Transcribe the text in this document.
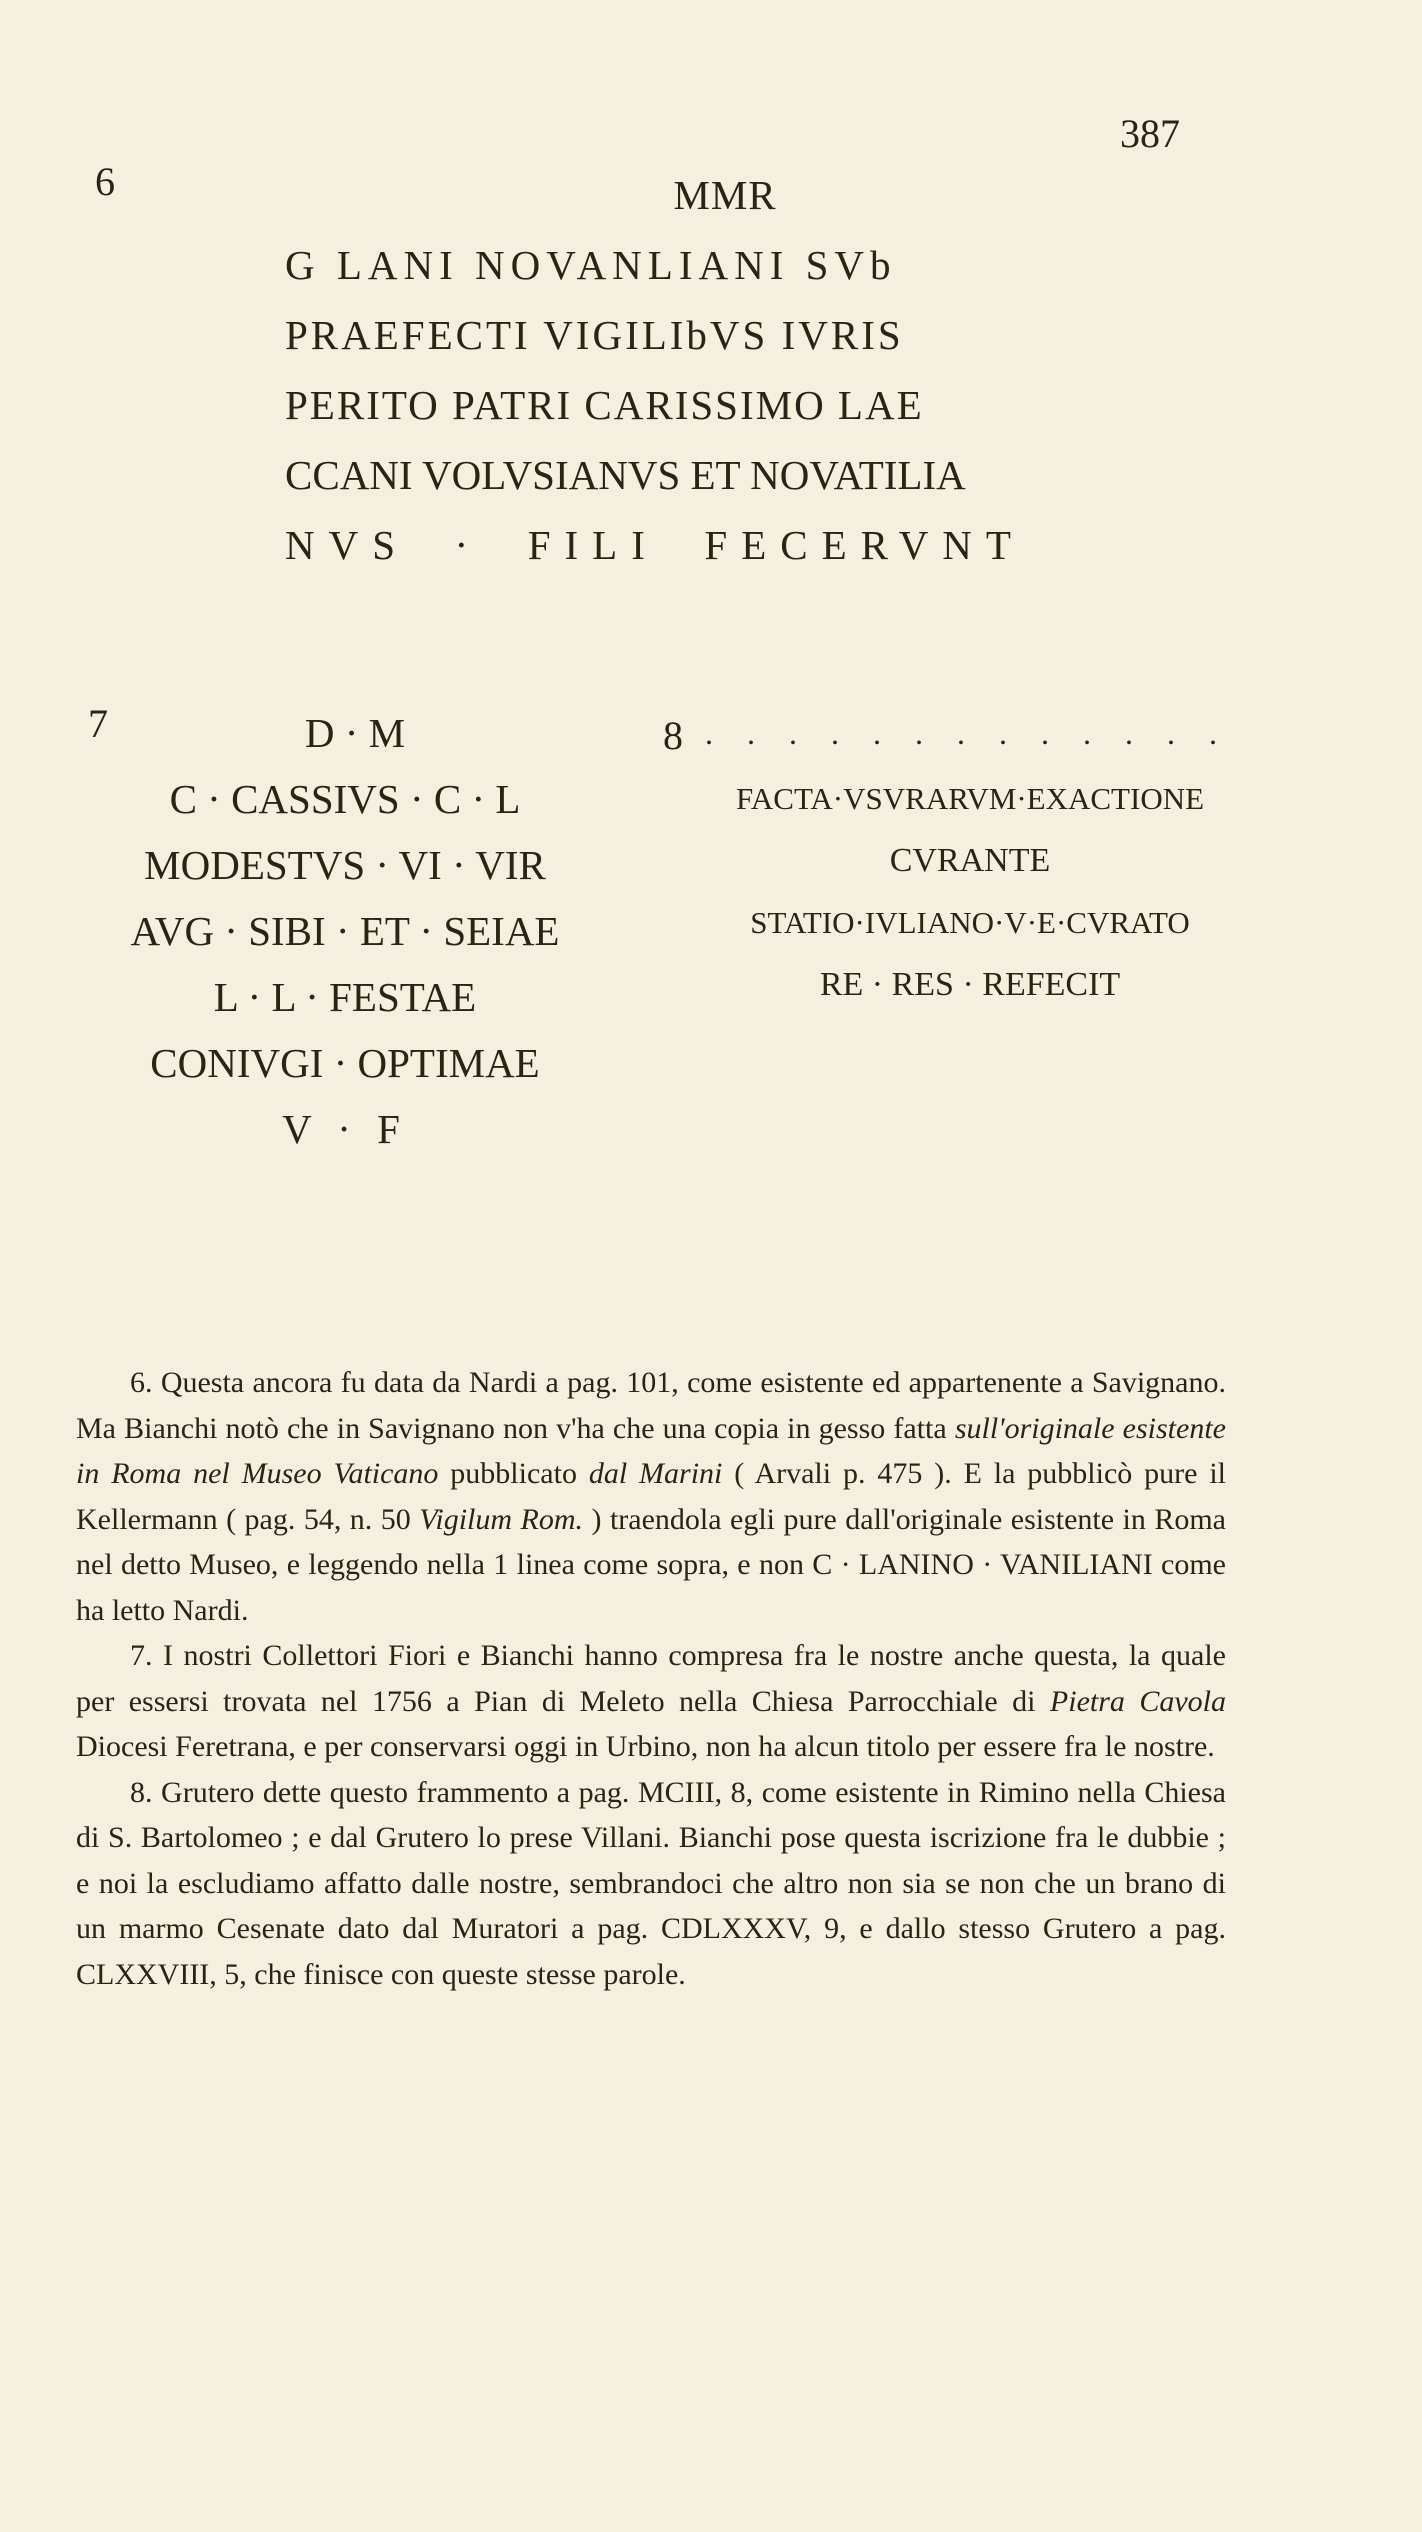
387
6	MMR
G LANI NOVANLIANI SVb
PRAEFECTI VIGILIbVS IVRIS
PERITO PATRI CARISSIMO LAE
CCANI VOLVSIANVS ET NOVATILIA
NVS · FILI FECERVNT
7	D · M
C · CASSIVS · C · L
MODESTVS · VI · VIR
AVG · SIBI · ET · SEIAE
L · L · FESTAE
CONIVGI · OPTIMAE
V · F
8 . . . . . . . . . . . . .
FACTA·VSVRARVM·EXACTIONE
CVRANTE
STATIO·IVLIANO·V·E·CVRATO
RE · RES · REFECIT

6. Questa ancora fu data da Nardi a pag. 101, come esistente ed appartenente a Savignano. Ma Bianchi notò che in Savignano non v'ha che una copia in gesso fatta sull'originale esistente in Roma nel Museo Vaticano pubblicato dal Marini ( Arvali p. 475 ). E la pubblicò pure il Kellermann ( pag. 54, n. 50 Vigilum Rom. ) traendola egli pure dall'originale esistente in Roma nel detto Museo, e leggendo nella 1 linea come sopra, e non C · LANINO · VANILIANI come ha letto Nardi.

7. I nostri Collettori Fiori e Bianchi hanno compresa fra le nostre anche questa, la quale per essersi trovata nel 1756 a Pian di Meleto nella Chiesa Parrocchiale di Pietra Cavola Diocesi Feretrana, e per conservarsi oggi in Urbino, non ha alcun titolo per essere fra le nostre.

8. Grutero dette questo frammento a pag. MCIII, 8, come esistente in Rimino nella Chiesa di S. Bartolomeo ; e dal Grutero lo prese Villani. Bianchi pose questa iscrizione fra le dubbie ; e noi la escludiamo affatto dalle nostre, sembrandoci che altro non sia se non che un brano di un marmo Cesenate dato dal Muratori a pag. CDLXXXV, 9, e dallo stesso Grutero a pag. CLXXVIII, 5, che finisce con queste stesse parole.
